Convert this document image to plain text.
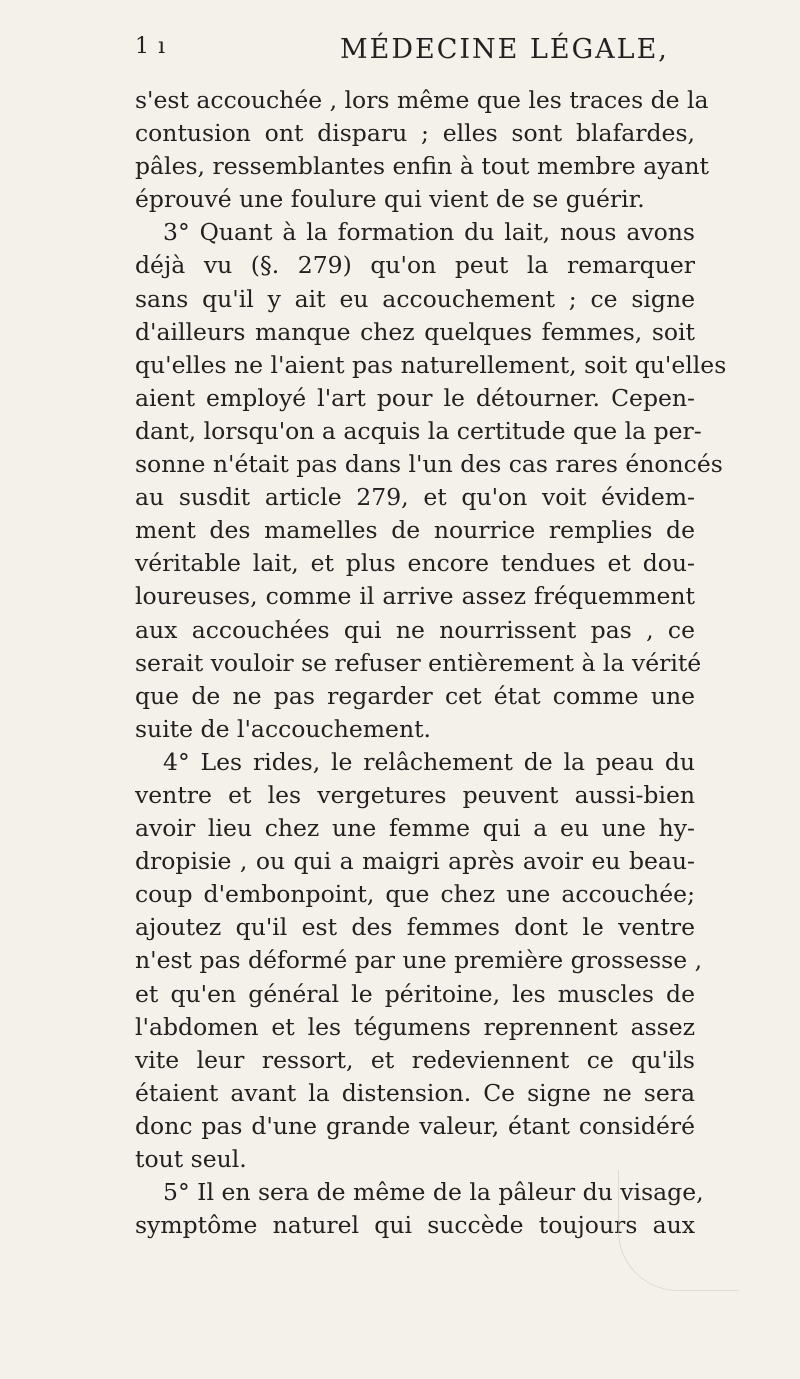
1 ı	MÉDECINE LÉGALE,
s'est accouchée , lors même que les traces de la
contusion ont disparu ; elles sont blafardes,
pâles, ressemblantes enfin à tout membre ayant
éprouvé une foulure qui vient de se guérir.
3° Quant à la formation du lait, nous avons
déjà vu (§. 279) qu'on peut la remarquer
sans qu'il y ait eu accouchement ; ce signe
d'ailleurs manque chez quelques femmes, soit
qu'elles ne l'aient pas naturellement, soit qu'elles
aient employé l'art pour le détourner. Cepen-
dant, lorsqu'on a acquis la certitude que la per-
sonne n'était pas dans l'un des cas rares énoncés
au susdit article 279, et qu'on voit évidem-
ment des mamelles de nourrice remplies de
véritable lait, et plus encore tendues et dou-
loureuses, comme il arrive assez fréquemment
aux accouchées qui ne nourrissent pas , ce
serait vouloir se refuser entièrement à la vérité
que de ne pas regarder cet état comme une
suite de l'accouchement.
4° Les rides, le relâchement de la peau du
ventre et les vergetures peuvent aussi-bien
avoir lieu chez une femme qui a eu une hy-
dropisie , ou qui a maigri après avoir eu beau-
coup d'embonpoint, que chez une accouchée;
ajoutez qu'il est des femmes dont le ventre
n'est pas déformé par une première grossesse ,
et qu'en général le péritoine, les muscles de
l'abdomen et les tégumens reprennent assez
vite leur ressort, et redeviennent ce qu'ils
étaient avant la distension. Ce signe ne sera
donc pas d'une grande valeur, étant considéré
tout seul.
5° Il en sera de même de la pâleur du visage,
symptôme naturel qui succède toujours aux
